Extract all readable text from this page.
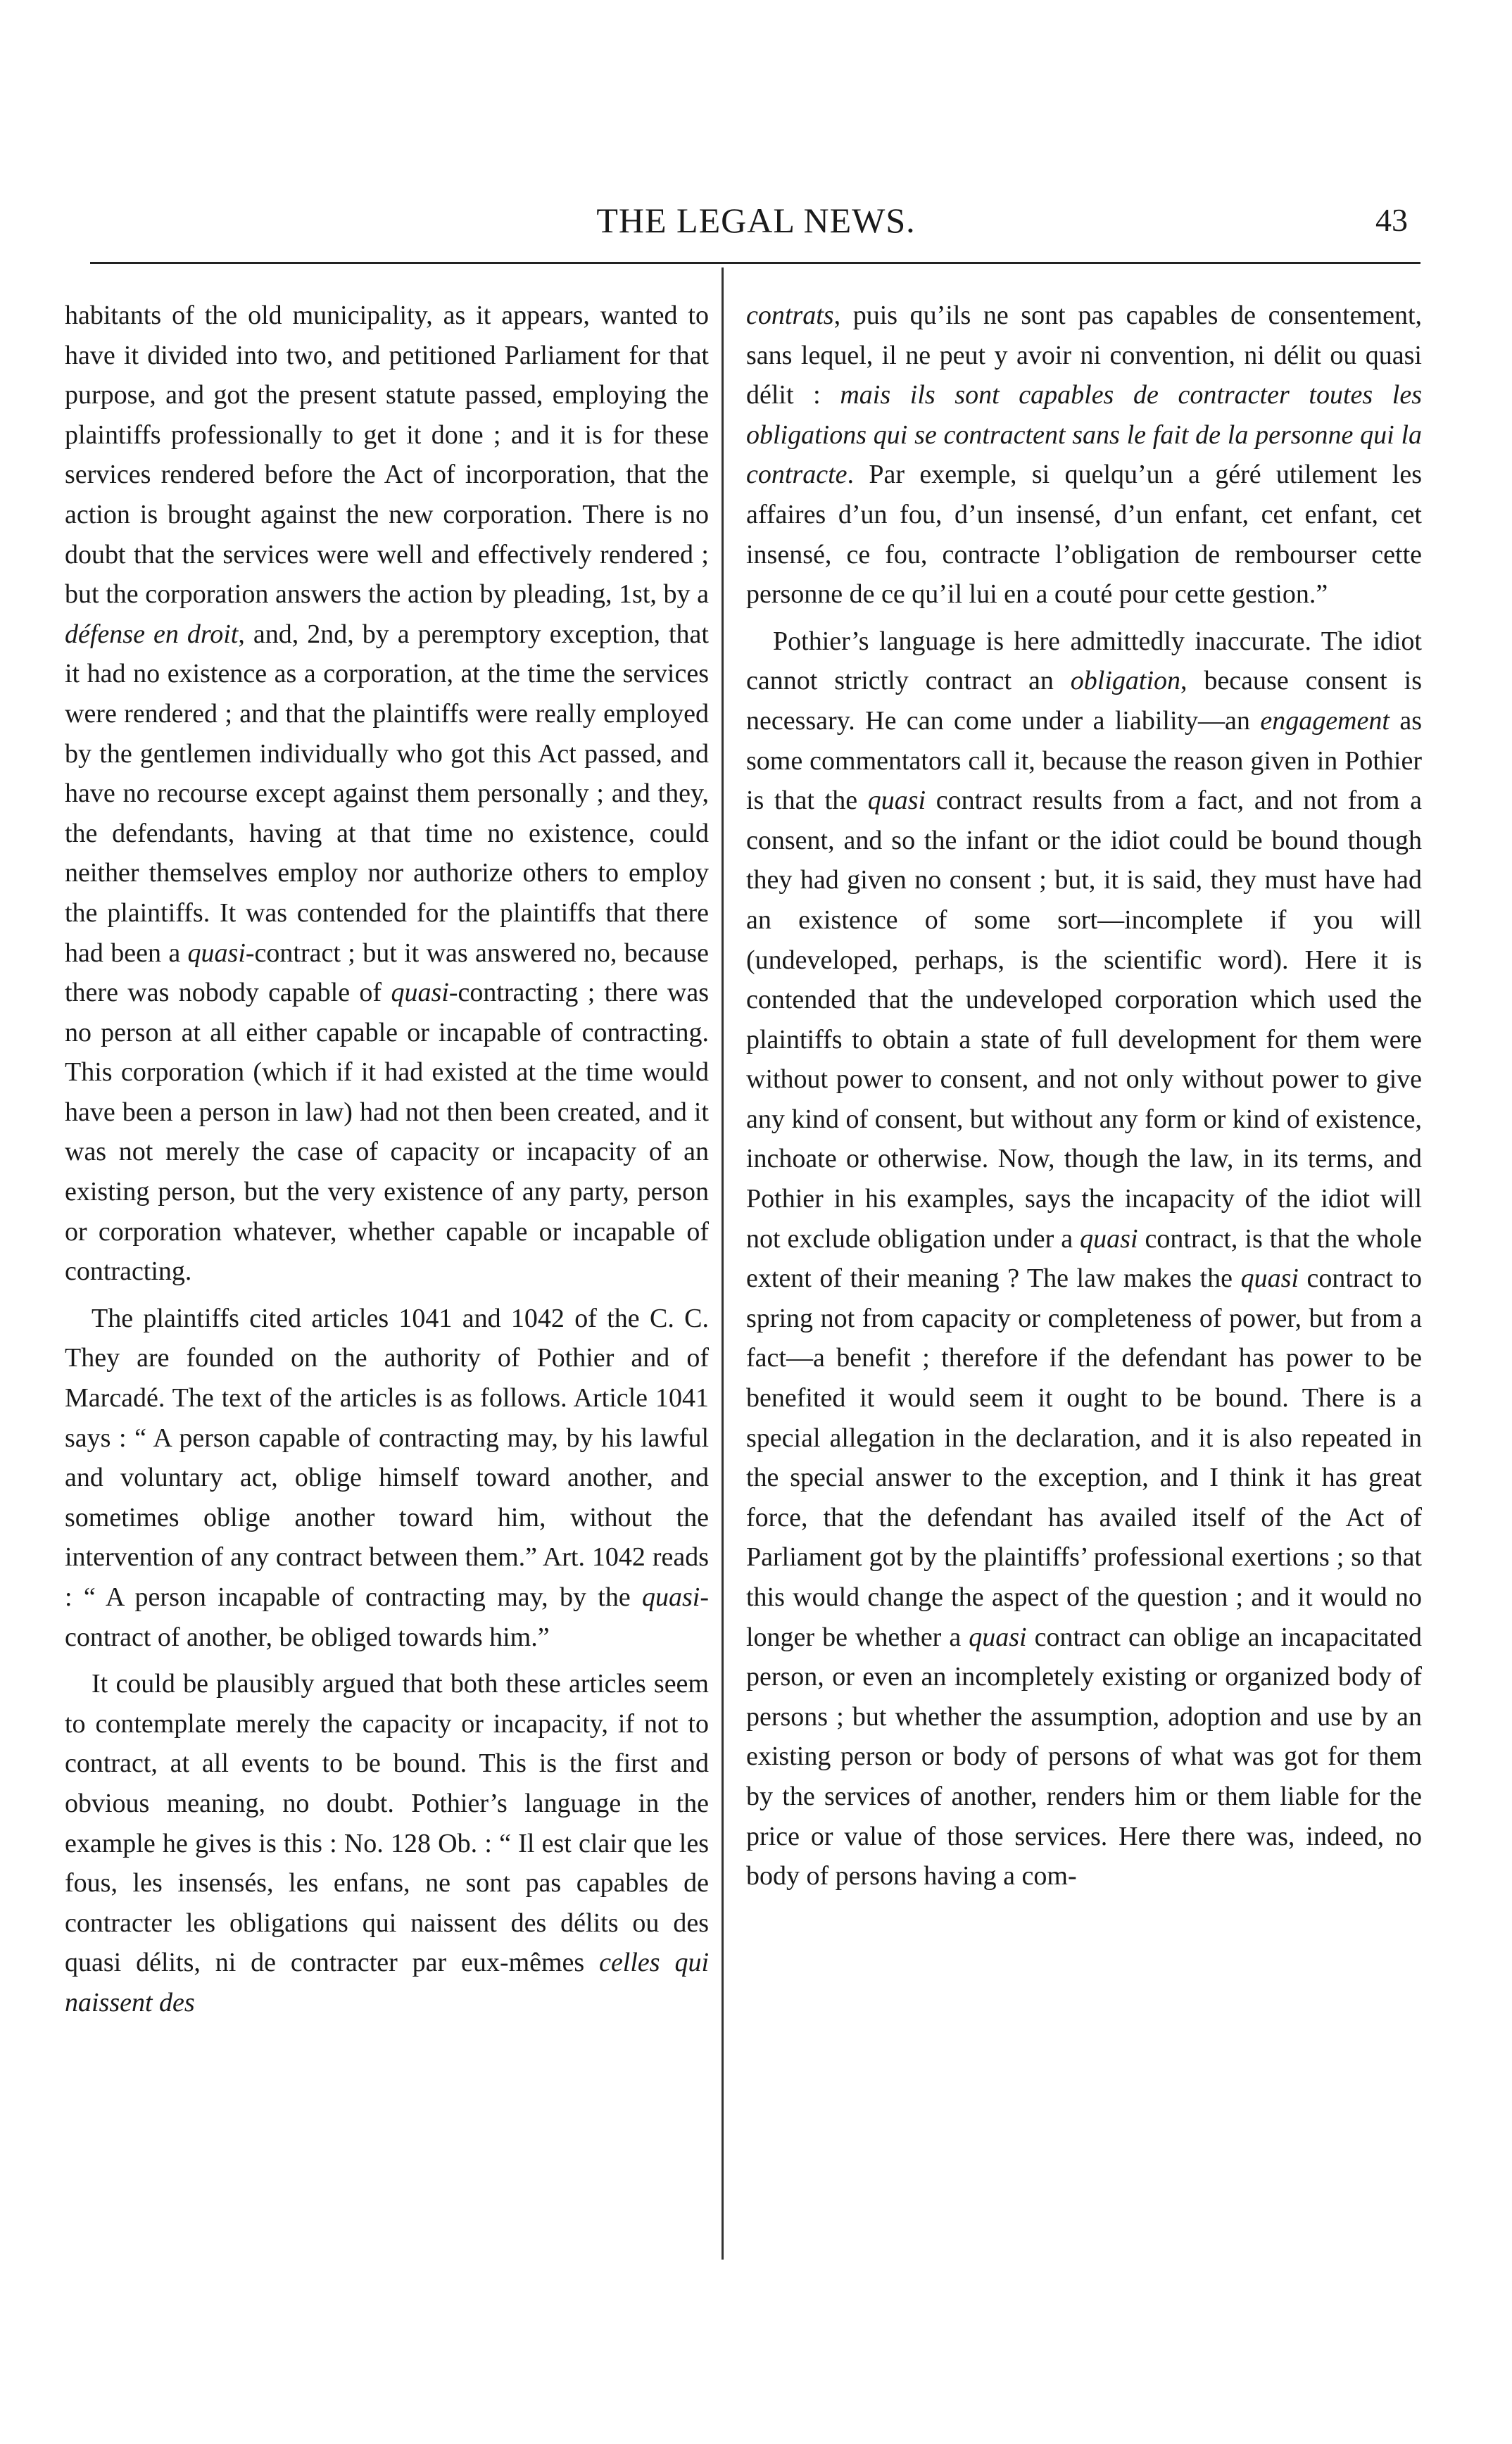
THE LEGAL NEWS.	43

habitants of the old municipality, as it appears, wanted to have it divided into two, and petitioned Parliament for that purpose, and got the present statute passed, employing the plaintiffs professionally to get it done ; and it is for these services rendered before the Act of incorporation, that the action is brought against the new corporation. There is no doubt that the services were well and effectively rendered ; but the corporation answers the action by pleading, 1st, by a défense en droit, and, 2nd, by a peremptory exception, that it had no existence as a corporation, at the time the services were rendered ; and that the plaintiffs were really employed by the gentlemen individually who got this Act passed, and have no recourse except against them personally ; and they, the defendants, having at that time no existence, could neither themselves employ nor authorize others to employ the plaintiffs. It was contended for the plaintiffs that there had been a quasi-contract ; but it was answered no, because there was nobody capable of quasi-contracting ; there was no person at all either capable or incapable of contracting. This corporation (which if it had existed at the time would have been a person in law) had not then been created, and it was not merely the case of capacity or incapacity of an existing person, but the very existence of any party, person or corporation whatever, whether capable or incapable of contracting.

The plaintiffs cited articles 1041 and 1042 of the C. C. They are founded on the authority of Pothier and of Marcadé. The text of the articles is as follows. Article 1041 says : “ A person capable of contracting may, by his lawful and voluntary act, oblige himself toward another, and sometimes oblige another toward him, without the intervention of any contract between them.” Art. 1042 reads : “ A person incapable of contracting may, by the quasi-contract of another, be obliged towards him.”

It could be plausibly argued that both these articles seem to contemplate merely the capacity or incapacity, if not to contract, at all events to be bound. This is the first and obvious meaning, no doubt. Pothier’s language in the example he gives is this : No. 128 Ob. : “ Il est clair que les fous, les insensés, les enfans, ne sont pas capables de contracter les obligations qui naissent des délits ou des quasi délits, ni de contracter par eux-mêmes celles qui naissent des

contrats, puis qu’ils ne sont pas capables de consentement, sans lequel, il ne peut y avoir ni convention, ni délit ou quasi délit : mais ils sont capables de contracter toutes les obligations qui se contractent sans le fait de la personne qui la contracte. Par exemple, si quelqu’un a géré utilement les affaires d’un fou, d’un insensé, d’un enfant, cet enfant, cet insensé, ce fou, contracte l’obligation de rembourser cette personne de ce qu’il lui en a couté pour cette gestion.”

Pothier’s language is here admittedly inaccurate. The idiot cannot strictly contract an obligation, because consent is necessary. He can come under a liability—an engagement as some commentators call it, because the reason given in Pothier is that the quasi contract results from a fact, and not from a consent, and so the infant or the idiot could be bound though they had given no consent ; but, it is said, they must have had an existence of some sort—incomplete if you will (undeveloped, perhaps, is the scientific word). Here it is contended that the undeveloped corporation which used the plaintiffs to obtain a state of full development for them were without power to consent, and not only without power to give any kind of consent, but without any form or kind of existence, inchoate or otherwise. Now, though the law, in its terms, and Pothier in his examples, says the incapacity of the idiot will not exclude obligation under a quasi contract, is that the whole extent of their meaning ? The law makes the quasi contract to spring not from capacity or completeness of power, but from a fact—a benefit ; therefore if the defendant has power to be benefited it would seem it ought to be bound. There is a special allegation in the declaration, and it is also repeated in the special answer to the exception, and I think it has great force, that the defendant has availed itself of the Act of Parliament got by the plaintiffs’ professional exertions ; so that this would change the aspect of the question ; and it would no longer be whether a quasi contract can oblige an incapacitated person, or even an incompletely existing or organized body of persons ; but whether the assumption, adoption and use by an existing person or body of persons of what was got for them by the services of another, renders him or them liable for the price or value of those services. Here there was, indeed, no body of persons having a com-
